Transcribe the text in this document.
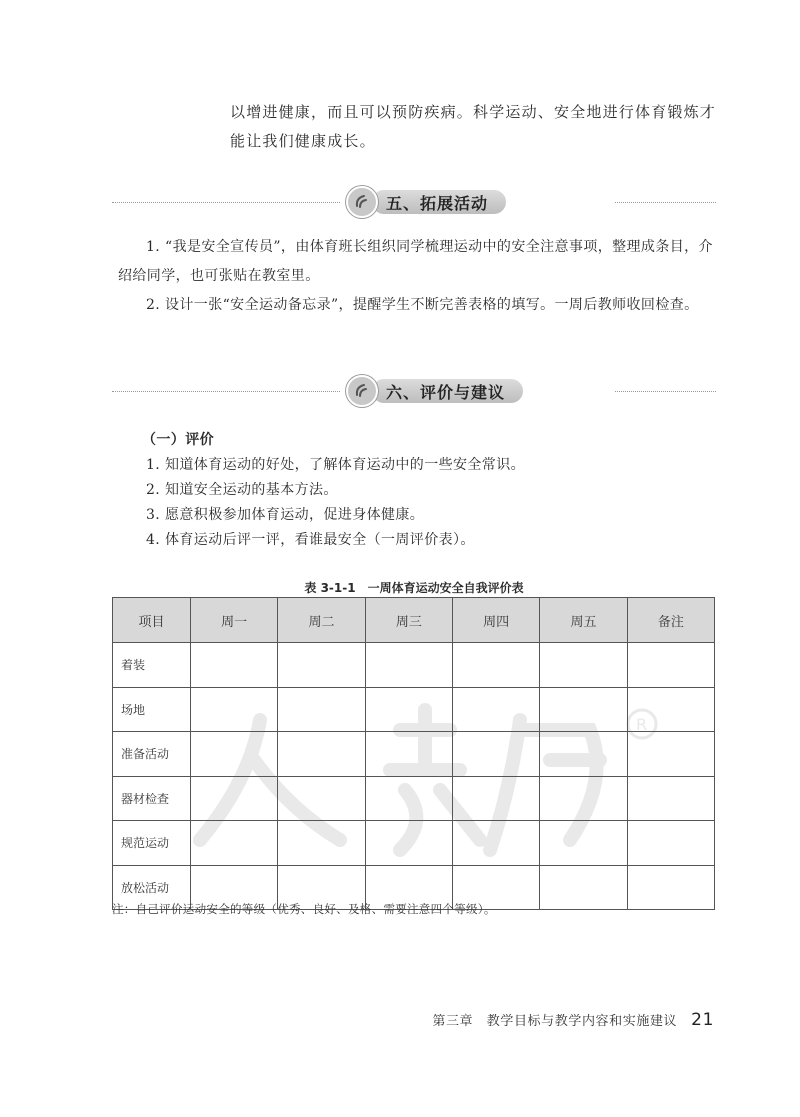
R
以增进健康，而且可以预防疾病。科学运动、安全地进行体育锻炼才
能让我们健康成长。
五、拓展活动

1. “我是安全宣传员”，由体育班长组织同学梳理运动中的安全注意事项，整理成条目，介绍给同学，也可张贴在教室里。

2. 设计一张“安全运动备忘录”，提醒学生不断完善表格的填写。一周后教师收回检查。

六、评价与建议
（一）评价
1. 知道体育运动的好处，了解体育运动中的一些安全常识。
2. 知道安全运动的基本方法。
3. 愿意积极参加体育运动，促进身体健康。
4. 体育运动后评一评，看谁最安全（一周评价表）。
表 3-1-1　一周体育运动安全自我评价表
项目	周一	周二	周三	周四	周五	备注
着装						
场地						
准备活动						
器材检查						
规范运动						
放松活动						
注：自己评价运动安全的等级（优秀、良好、及格、需要注意四个等级）。
第三章　教学目标与教学内容和实施建议 21
